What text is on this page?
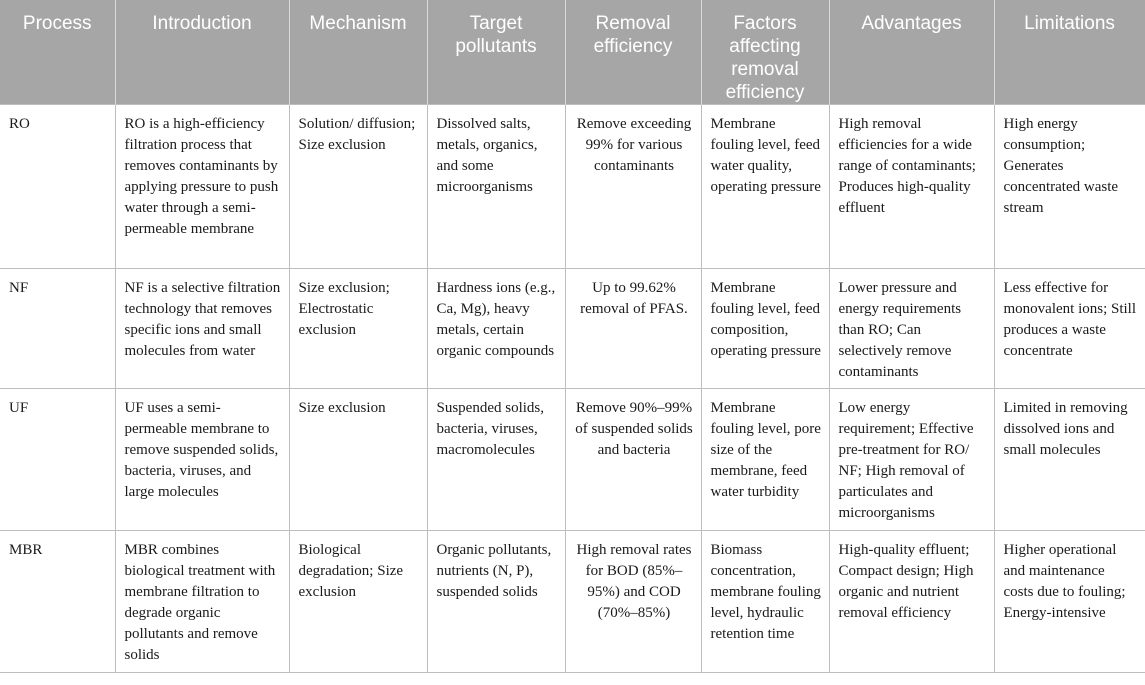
Process	Introduction	Mechanism	Target pollutants	Removal efficiency	Factors affecting removal efficiency	Advantages	Limitations
RO	RO is a high-efficiency filtration process that removes contaminants by applying pressure to push water through a semi-permeable membrane	Solution/ diffusion; Size exclusion	Dissolved salts, metals, organics, and some microorganisms	Remove exceeding 99% for various contaminants	Membrane fouling level, feed water quality, operating pressure	High removal efficiencies for a wide range of contaminants; Produces high-quality effluent	High energy consumption; Generates concentrated waste stream
NF	NF is a selective filtration technology that removes specific ions and small molecules from water	Size exclusion; Electrostatic exclusion	Hardness ions (e.g., Ca, Mg), heavy metals, certain organic compounds	Up to 99.62% removal of PFAS.	Membrane fouling level, feed composition, operating pressure	Lower pressure and energy requirements than RO; Can selectively remove contaminants	Less effective for monovalent ions; Still produces a waste concentrate
UF	UF uses a semi-permeable membrane to remove suspended solids, bacteria, viruses, and large molecules	Size exclusion	Suspended solids, bacteria, viruses, macromolecules	Remove 90%–99% of suspended solids and bacteria	Membrane fouling level, pore size of the membrane, feed water turbidity	Low energy requirement; Effective pre-treatment for RO/ NF; High removal of particulates and microorganisms	Limited in removing dissolved ions and small molecules
MBR	MBR combines biological treatment with membrane filtration to degrade organic pollutants and remove solids	Biological degradation; Size exclusion	Organic pollutants, nutrients (N, P), suspended solids	High removal rates for BOD (85%–95%) and COD (70%–85%)	Biomass concentration, membrane fouling level, hydraulic retention time	High-quality effluent; Compact design; High organic and nutrient removal efficiency	Higher operational and maintenance costs due to fouling; Energy-intensive
